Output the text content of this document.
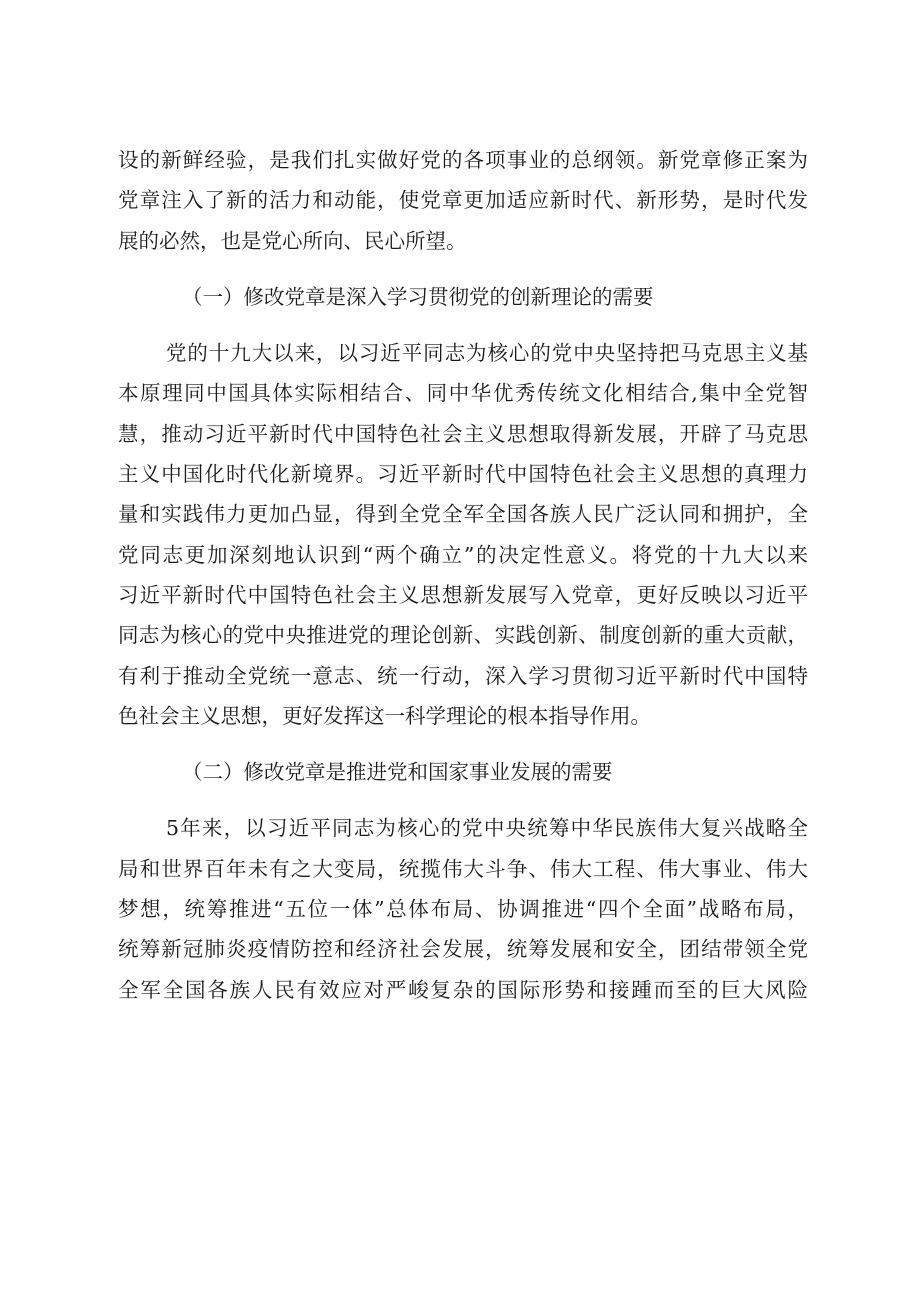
设的新鲜经验，是我们扎实做好党的各项事业的总纲领。新党章修正案为
党章注入了新的活力和动能，使党章更加适应新时代、新形势，是时代发
展的必然，也是党心所向、民心所望。

（一）修改党章是深入学习贯彻党的创新理论的需要

党的十九大以来，以习近平同志为核心的党中央坚持把马克思主义基
本原理同中国具体实际相结合、同中华优秀传统文化相结合,集中全党智
慧，推动习近平新时代中国特色社会主义思想取得新发展，开辟了马克思
主义中国化时代化新境界。习近平新时代中国特色社会主义思想的真理力
量和实践伟力更加凸显，得到全党全军全国各族人民广泛认同和拥护，全
党同志更加深刻地认识到“两个确立”的决定性意义。将党的十九大以来
习近平新时代中国特色社会主义思想新发展写入党章，更好反映以习近平
同志为核心的党中央推进党的理论创新、实践创新、制度创新的重大贡献，
有利于推动全党统一意志、统一行动，深入学习贯彻习近平新时代中国特
色社会主义思想，更好发挥这一科学理论的根本指导作用。

（二）修改党章是推进党和国家事业发展的需要

5年来，以习近平同志为核心的党中央统筹中华民族伟大复兴战略全
局和世界百年未有之大变局，统揽伟大斗争、伟大工程、伟大事业、伟大
梦想，统筹推进“五位一体”总体布局、协调推进“四个全面”战略布局，
统筹新冠肺炎疫情防控和经济社会发展，统筹发展和安全，团结带领全党
全军全国各族人民有效应对严峻复杂的国际形势和接踵而至的巨大风险
